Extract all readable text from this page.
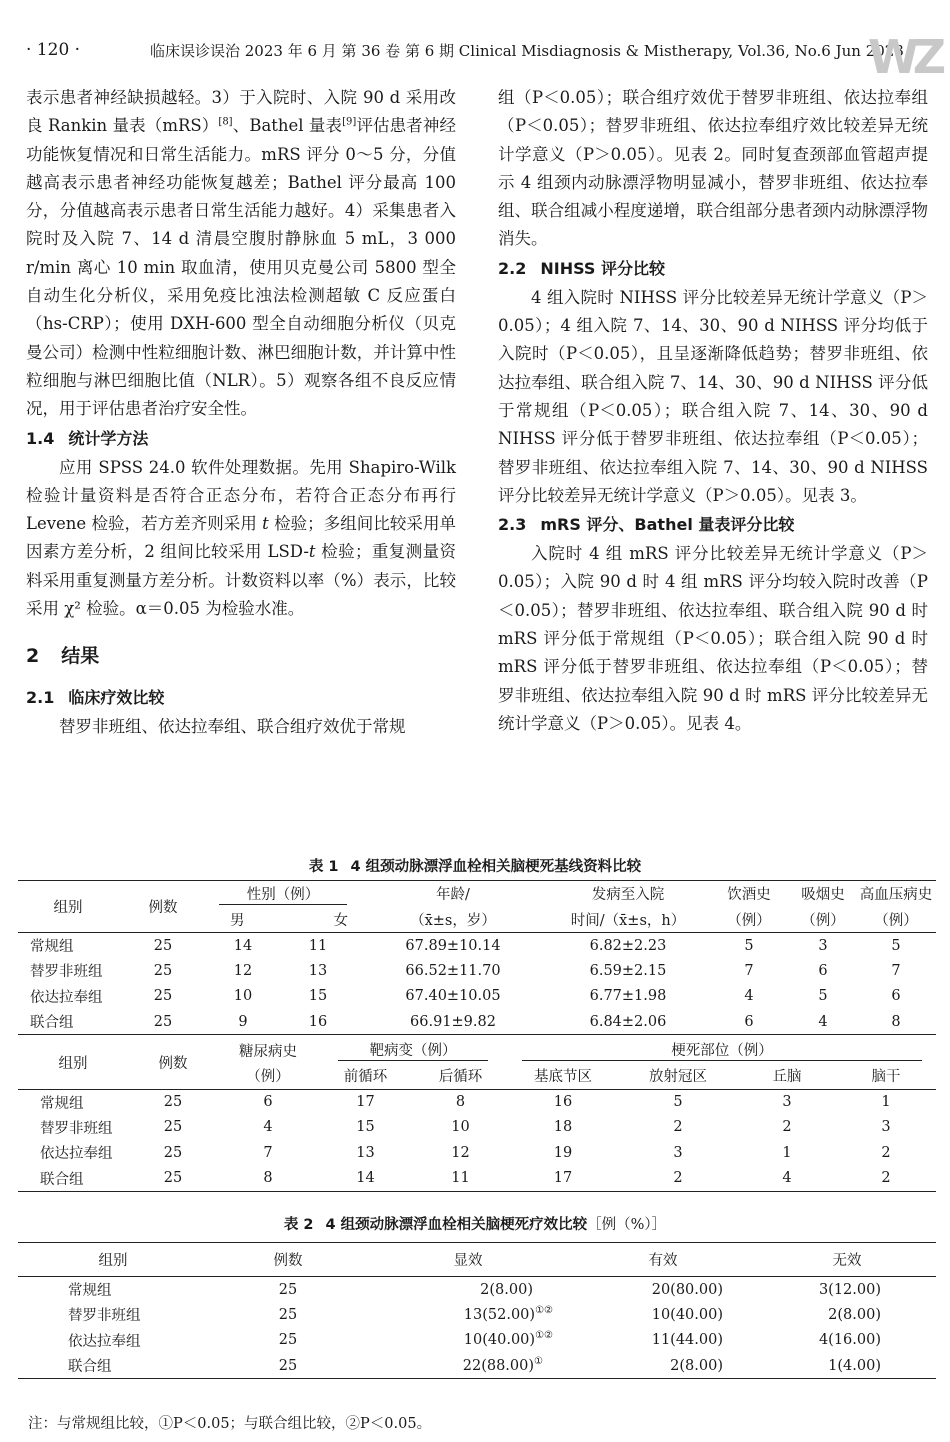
· 120 ·	临床误诊误治 2023 年 6 月 第 36 卷 第 6 期 Clinical Misdiagnosis & Mistherapy, Vol.36, No.6 Jun 2023
WZ

表示患者神经缺损越轻。3）于入院时、入院 90 d 采用改良 Rankin 量表（mRS）[8]、Bathel 量表[9]评估患者神经功能恢复情况和日常生活能力。mRS 评分 0～5 分，分值越高表示患者神经功能恢复越差；Bathel 评分最高 100 分，分值越高表示患者日常生活能力越好。4）采集患者入院时及入院 7、14 d 清晨空腹肘静脉血 5 mL，3 000 r/min 离心 10 min 取血清，使用贝克曼公司 5800 型全自动生化分析仪，采用免疫比浊法检测超敏 C 反应蛋白（hs-CRP）；使用 DXH-600 型全自动细胞分析仪（贝克曼公司）检测中性粒细胞计数、淋巴细胞计数，并计算中性粒细胞与淋巴细胞比值（NLR）。5）观察各组不良反应情况，用于评估患者治疗安全性。

1.4 统计学方法

应用 SPSS 24.0 软件处理数据。先用 Shapiro-Wilk 检验计量资料是否符合正态分布，若符合正态分布再行 Levene 检验，若方差齐则采用 t 检验；多组间比较采用单因素方差分析，2 组间比较采用 LSD-t 检验；重复测量资料采用重复测量方差分析。计数资料以率（%）表示，比较采用 χ² 检验。α＝0.05 为检验水准。

2 结果

2.1 临床疗效比较

替罗非班组、依达拉奉组、联合组疗效优于常规

组（P＜0.05）；联合组疗效优于替罗非班组、依达拉奉组（P＜0.05）；替罗非班组、依达拉奉组疗效比较差异无统计学意义（P＞0.05）。见表 2。同时复查颈部血管超声提示 4 组颈内动脉漂浮物明显减小，替罗非班组、依达拉奉组、联合组减小程度递增，联合组部分患者颈内动脉漂浮物消失。

2.2 NIHSS 评分比较

4 组入院时 NIHSS 评分比较差异无统计学意义（P＞0.05）；4 组入院 7、14、30、90 d NIHSS 评分均低于入院时（P＜0.05），且呈逐渐降低趋势；替罗非班组、依达拉奉组、联合组入院 7、14、30、90 d NIHSS 评分低于常规组（P＜0.05）；联合组入院 7、14、30、90 d NIHSS 评分低于替罗非班组、依达拉奉组（P＜0.05）；替罗非班组、依达拉奉组入院 7、14、30、90 d NIHSS 评分比较差异无统计学意义（P＞0.05）。见表 3。

2.3 mRS 评分、Bathel 量表评分比较

入院时 4 组 mRS 评分比较差异无统计学意义（P＞0.05）；入院 90 d 时 4 组 mRS 评分均较入院时改善（P＜0.05）；替罗非班组、依达拉奉组、联合组入院 90 d 时 mRS 评分低于常规组（P＜0.05）；联合组入院 90 d 时 mRS 评分低于替罗非班组、依达拉奉组（P＜0.05）；替罗非班组、依达拉奉组入院 90 d 时 mRS 评分比较差异无统计学意义（P＞0.05）。见表 4。

表 1 4 组颈动脉漂浮血栓相关脑梗死基线资料比较
组别	例数	性别（例）		年龄/	发病至入院	饮酒史	吸烟史	高血压病史
		男	女	（x̄±s，岁）	时间/（x̄±s，h）	（例）	（例）	（例）
常规组	25	14	11	67.89±10.14	6.82±2.23	5	3	5
替罗非班组	25	12	13	66.52±11.70	6.59±2.15	7	6	7
依达拉奉组	25	10	15	67.40±10.05	6.77±1.98	4	5	6
联合组	25	9	16	66.91±9.82	6.84±2.06	6	4	8
组别	例数	糖尿病史	靶病变（例）		梗死部位（例）			
		（例）	前循环	后循环	基底节区	放射冠区	丘脑	脑干
常规组	25	6	17	8	16	5	3	1
替罗非班组	25	4	15	10	18	2	2	3
依达拉奉组	25	7	13	12	19	3	1	2
联合组	25	8	14	11	17	2	4	2
表 2 4 组颈动脉漂浮血栓相关脑梗死疗效比较［例（%）］
组别	例数	显效	有效	无效
常规组	25	2(8.00)	20(80.00)	3(12.00)
替罗非班组	25	13(52.00)①②	10(40.00)	2(8.00)
依达拉奉组	25	10(40.00)①②	11(44.00)	4(16.00)
联合组	25	22(88.00)①	2(8.00)	1(4.00)
注：与常规组比较，①P＜0.05；与联合组比较，②P＜0.05。
